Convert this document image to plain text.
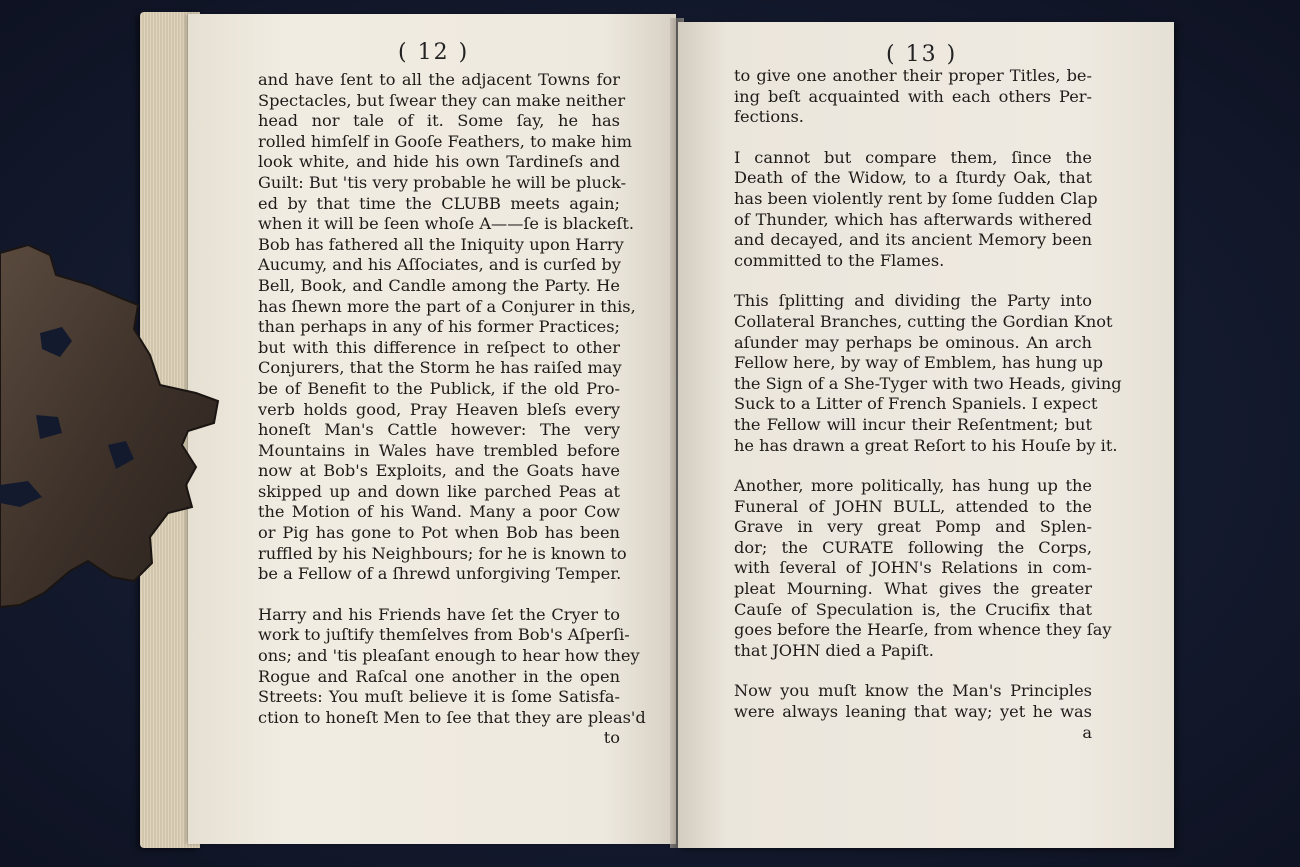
( 12 )
and have ſent to all the adjacent Towns for
Spectacles, but ſwear they can make neither
head nor tale of it. Some ſay, he has
rolled himſelf in Gooſe Feathers, to make him
look white, and hide his own Tardineſs and
Guilt: But 'tis very probable he will be pluck-
ed by that time the CLUBB meets again;
when it will be ſeen whoſe A——ſe is blackeſt.
Bob has fathered all the Iniquity upon Harry
Aucumy, and his Aſſociates, and is curſed by
Bell, Book, and Candle among the Party. He
has ſhewn more the part of a Conjurer in this,
than perhaps in any of his former Practices;
but with this difference in reſpect to other
Conjurers, that the Storm he has raiſed may
be of Benefit to the Publick, if the old Pro-
verb holds good, Pray Heaven bleſs every
honeſt Man's Cattle however: The very
Mountains in Wales have trembled before
now at Bob's Exploits, and the Goats have
skipped up and down like parched Peas at
the Motion of his Wand. Many a poor Cow
or Pig has gone to Pot when Bob has been
ruffled by his Neighbours; for he is known to
be a Fellow of a ſhrewd unforgiving Temper.
Harry and his Friends have ſet the Cryer to
work to juſtify themſelves from Bob's Aſperſi-
ons; and 'tis pleaſant enough to hear how they
Rogue and Raſcal one another in the open
Streets: You muſt believe it is ſome Satisfa-
ction to honeſt Men to ſee that they are pleas'd
to
( 13 )
to give one another their proper Titles, be-
ing beſt acquainted with each others Per-
fections.
I cannot but compare them, ſince the
Death of the Widow, to a ſturdy Oak, that
has been violently rent by ſome ſudden Clap
of Thunder, which has afterwards withered
and decayed, and its ancient Memory been
committed to the Flames.
This ſplitting and dividing the Party into
Collateral Branches, cutting the Gordian Knot
aſunder may perhaps be ominous. An arch
Fellow here, by way of Emblem, has hung up
the Sign of a She-Tyger with two Heads, giving
Suck to a Litter of French Spaniels. I expect
the Fellow will incur their Reſentment; but
he has drawn a great Reſort to his Houſe by it.
Another, more politically, has hung up the
Funeral of JOHN BULL, attended to the
Grave in very great Pomp and Splen-
dor; the CURATE following the Corps,
with ſeveral of JOHN's Relations in com-
pleat Mourning. What gives the greater
Cauſe of Speculation is, the Crucifix that
goes before the Hearſe, from whence they ſay
that JOHN died a Papiſt.
Now you muſt know the Man's Principles
were always leaning that way; yet he was
a
